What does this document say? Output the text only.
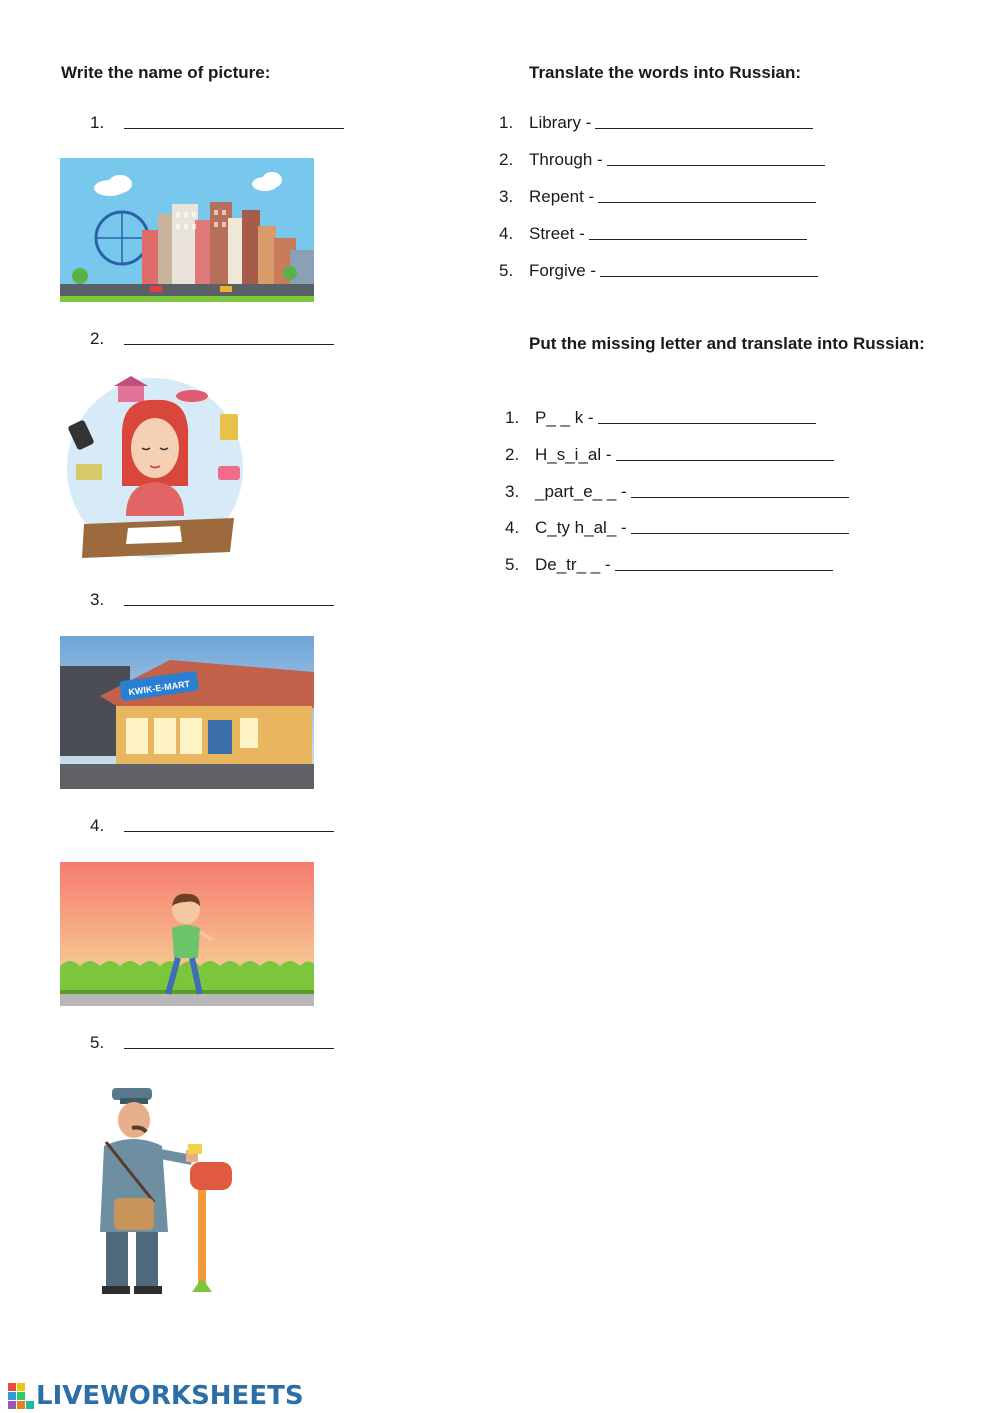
Write the name of picture:
1.
2.
3.
KWIK-E-MART
4.
5.
Translate the words into Russian:
1. Library -
2. Through -
3. Repent -
4. Street -
5. Forgive -
Put the missing letter and translate into Russian:
1. P_ _ k -
2. H_s_i_al -
3. _part_e_ _ -
4. C_ty h_al_ -
5. De_tr_ _ -
LIVEWORKSHEETS
